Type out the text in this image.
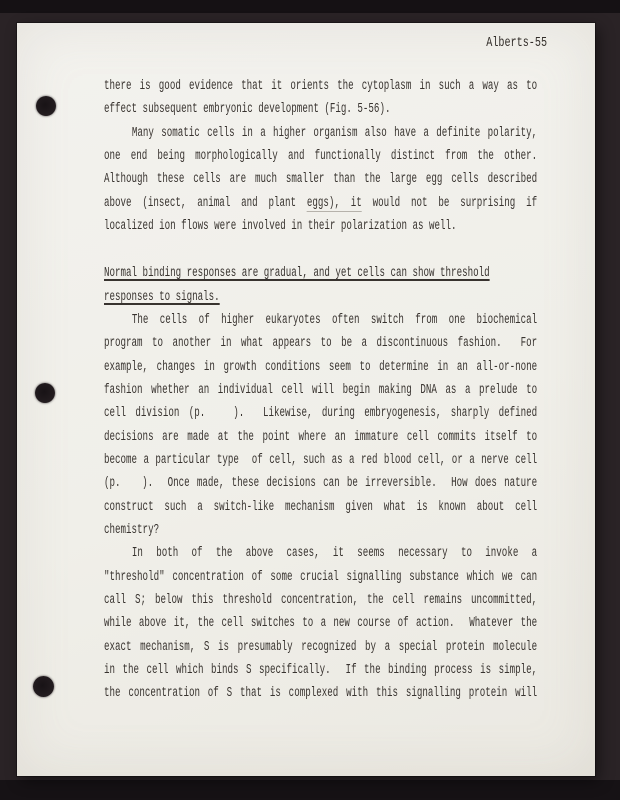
Alberts-55
there is good evidence that it orients the cytoplasm in such a way as to
effect subsequent embryonic development (Fig. 5-56).
Many somatic cells in a higher organism also have a definite polarity,
one end being morphologically and functionally distinct from the other.
Although these cells are much smaller than the large egg cells described
above (insect, animal and plant eggs), it would not be surprising if
localized ion flows were involved in their polarization as well.
Normal binding responses are gradual, and yet cells can show threshold
responses to signals.
The cells of higher eukaryotes often switch from one biochemical
program to another in what appears to be a discontinuous fashion.  For
example, changes in growth conditions seem to determine in an all-or-none
fashion whether an individual cell will begin making DNA as a prelude to
cell division (p.   ).  Likewise, during embryogenesis, sharply defined
decisions are made at the point where an immature cell commits itself to
become a particular type  of cell, such as a red blood cell, or a nerve cell
(p.   ).  Once made, these decisions can be irreversible.  How does nature
construct such a switch-like mechanism given what is known about cell
chemistry?
In both of the above cases, it seems necessary to invoke a
"threshold" concentration of some crucial signalling substance which we can
call S; below this threshold concentration, the cell remains uncommitted,
while above it, the cell switches to a new course of action.  Whatever the
exact mechanism, S is presumably recognized by a special protein molecule
in the cell which binds S specifically.  If the binding process is simple,
the concentration of S that is complexed with this signalling protein will
